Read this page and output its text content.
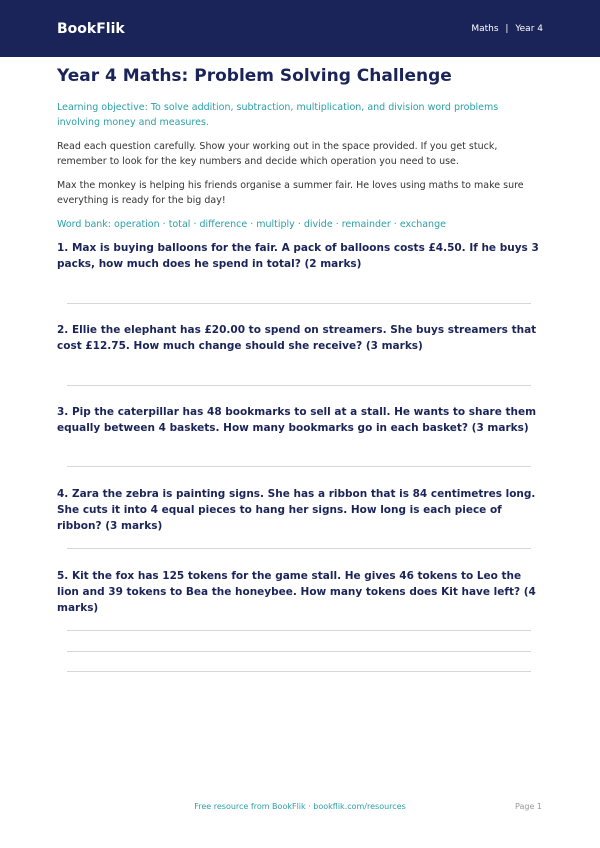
BookFlik	Maths | Year 4
Year 4 Maths: Problem Solving Challenge

Learning objective: To solve addition, subtraction, multiplication, and division word problems involving money and measures.

Read each question carefully. Show your working out in the space provided. If you get stuck, remember to look for the key numbers and decide which operation you need to use.

Max the monkey is helping his friends organise a summer fair. He loves using maths to make sure everything is ready for the big day!

Word bank: operation · total · difference · multiply · divide · remainder · exchange

1. Max is buying balloons for the fair. A pack of balloons costs £4.50. If he buys 3 packs, how much does he spend in total? (2 marks)
2. Ellie the elephant has £20.00 to spend on streamers. She buys streamers that cost £12.75. How much change should she receive? (3 marks)
3. Pip the caterpillar has 48 bookmarks to sell at a stall. He wants to share them equally between 4 baskets. How many bookmarks go in each basket? (3 marks)
4. Zara the zebra is painting signs. She has a ribbon that is 84 centimetres long. She cuts it into 4 equal pieces to hang her signs. How long is each piece of ribbon? (3 marks)
5. Kit the fox has 125 tokens for the game stall. He gives 46 tokens to Leo the lion and 39 tokens to Bea the honeybee. How many tokens does Kit have left? (4 marks)
Free resource from BookFlik · bookflik.com/resources	Page 1
